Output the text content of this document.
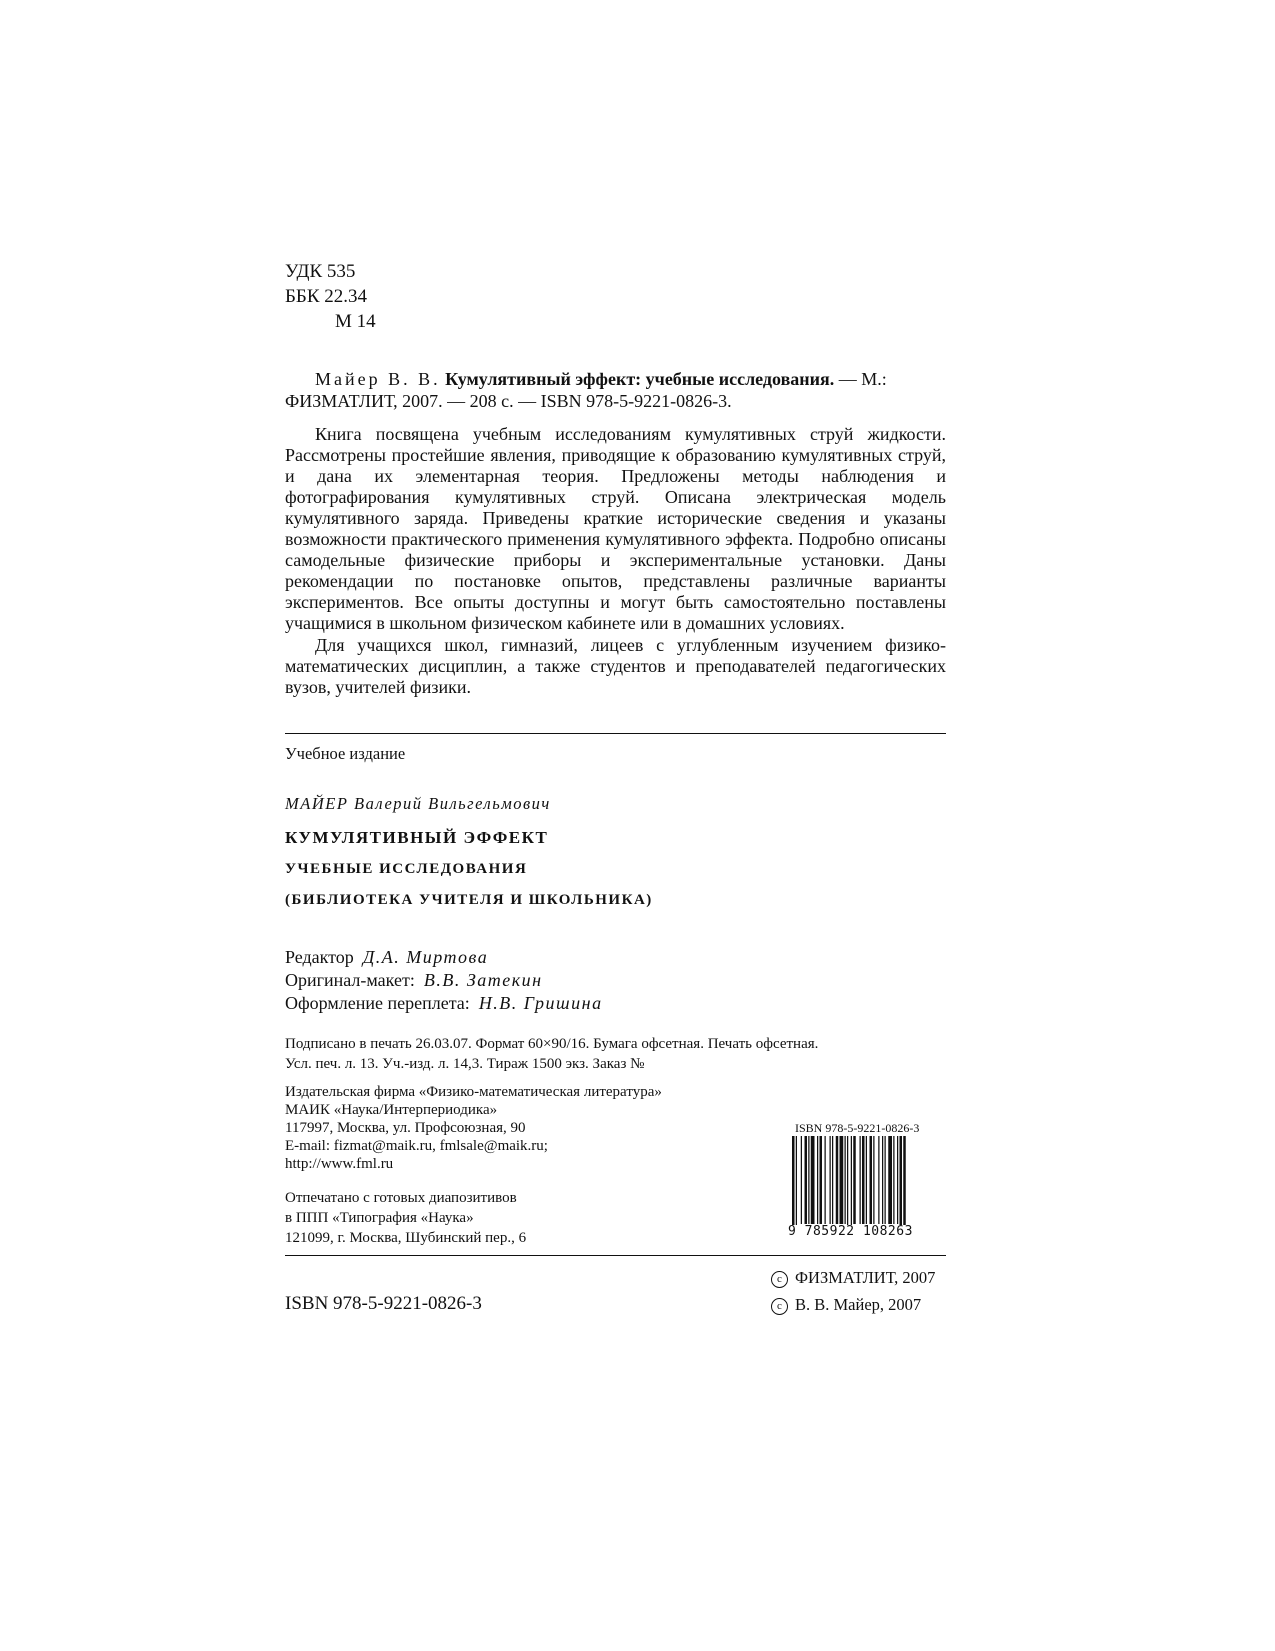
УДК 535
ББК 22.34
М 14
Майер В. В. Кумулятивный эффект: учебные исследования. — М.:
ФИЗМАТЛИТ, 2007. — 208 с. — ISBN 978-5-9221-0826-3.
Книга посвящена учебным исследованиям кумулятивных струй жидкости. Рассмотрены простейшие явления, приводящие к образованию кумулятивных струй, и дана их элементарная теория. Предложены методы наблюдения и фотографирования кумулятивных струй. Описана электрическая модель кумулятивного заряда. Приведены краткие исторические сведения и указаны возможности практического применения кумулятивного эффекта. Подробно описаны самодельные физические приборы и экспериментальные установки. Даны рекомендации по постановке опытов, представлены различные варианты экспериментов. Все опыты доступны и могут быть самостоятельно поставлены учащимися в школьном физическом кабинете или в домашних условиях.
Для учащихся школ, гимназий, лицеев с углубленным изучением физико-математических дисциплин, а также студентов и преподавателей педагогических вузов, учителей физики.
Учебное издание
МАЙЕР Валерий Вильгельмович
КУМУЛЯТИВНЫЙ ЭФФЕКТ
УЧЕБНЫЕ ИССЛЕДОВАНИЯ
(БИБЛИОТЕКА УЧИТЕЛЯ И ШКОЛЬНИКА)
Редактор Д.А. Миртова
Оригинал-макет: В.В. Затекин
Оформление переплета: Н.В. Гришина
Подписано в печать 26.03.07. Формат 60×90/16. Бумага офсетная. Печать офсетная.
Усл. печ. л. 13. Уч.-изд. л. 14,3. Тираж 1500 экз. Заказ №
Издательская фирма «Физико-математическая литература»
МАИК «Наука/Интерпериодика»
117997, Москва, ул. Профсоюзная, 90
E-mail: fizmat@maik.ru, fmlsale@maik.ru;
http://www.fml.ru
Отпечатано с готовых диапозитивов
в ППП «Типография «Наука»
121099, г. Москва, Шубинский пер., 6
ISBN 978-5-9221-0826-3
9 785922 108263
ISBN 978-5-9221-0826-3
c ФИЗМАТЛИТ, 2007
c В. В. Майер, 2007
